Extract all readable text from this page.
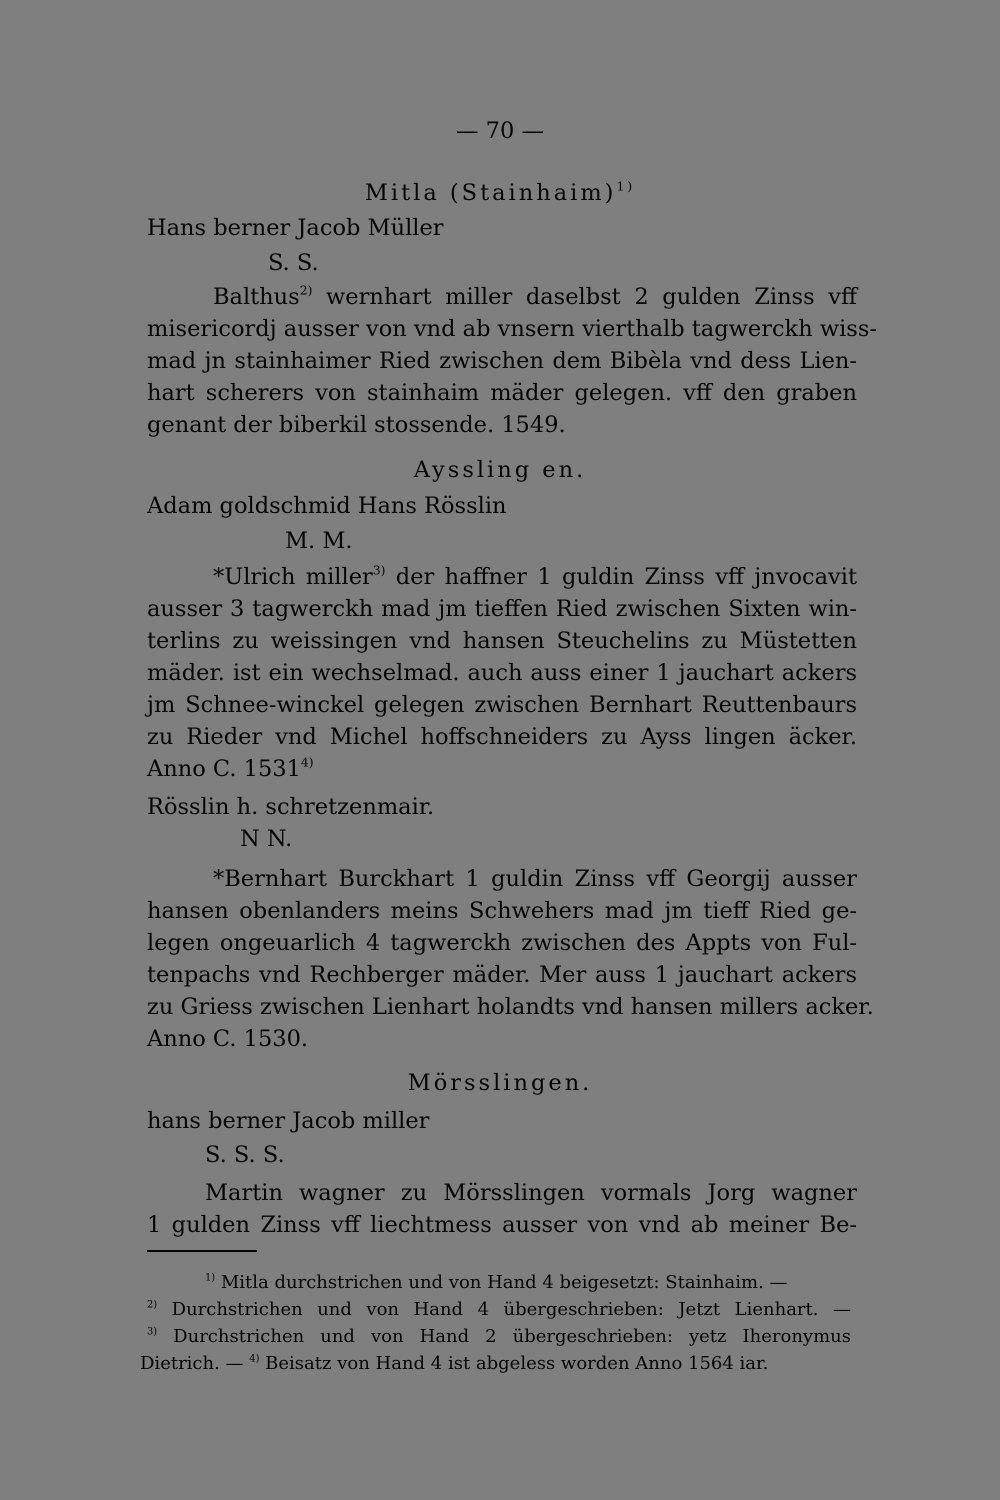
— 70 —
Mitla (Stainhaim)$^{1)}$
Hans berner Jacob Müller
S. S.
Balthus$^{2)}$ wernhart miller daselbst 2 gulden Zinss vff
misericordj ausser von vnd ab vnsern vierthalb tagwerckh wiss-
mad jn stainhaimer Ried zwischen dem Bibèla vnd dess Lien-
hart scherers von stainhaim mäder gelegen. vff den graben
genant der biberkil stossende. 1549.
Ayssling en.
Adam goldschmid Hans Rösslin
M. M.
*Ulrich miller$^{3)}$ der haffner 1 guldin Zinss vff jnvocavit
ausser 3 tagwerckh mad jm tieffen Ried zwischen Sixten win-
terlins zu weissingen vnd hansen Steuchelins zu Müstetten
mäder. ist ein wechselmad. auch auss einer 1 jauchart ackers
jm Schnee-winckel gelegen zwischen Bernhart Reuttenbaurs
zu Rieder vnd Michel hoffschneiders zu Ayss lingen äcker.
Anno C. 1531$^{4)}$
Rösslin h. schretzenmair.
N N.
*Bernhart Burckhart 1 guldin Zinss vff Georgij ausser
hansen obenlanders meins Schwehers mad jm tieff Ried ge-
legen ongeuarlich 4 tagwerckh zwischen des Appts von Ful-
tenpachs vnd Rechberger mäder. Mer auss 1 jauchart ackers
zu Griess zwischen Lienhart holandts vnd hansen millers acker.
Anno C. 1530.
Mörsslingen.
hans berner Jacob miller
S. S. S.
Martin wagner zu Mörsslingen vormals Jorg wagner
1 gulden Zinss vff liechtmess ausser von vnd ab meiner Be-
$^{1)}$ Mitla durchstrichen und von Hand 4 beigesetzt: Stainhaim. —
$^{2)}$ Durchstrichen und von Hand 4 übergeschrieben: Jetzt Lienhart. —
$^{3)}$ Durchstrichen und von Hand 2 übergeschrieben: yetz Iheronymus
Dietrich. — $^{4)}$ Beisatz von Hand 4 ist abgeless worden Anno 1564 iar.
